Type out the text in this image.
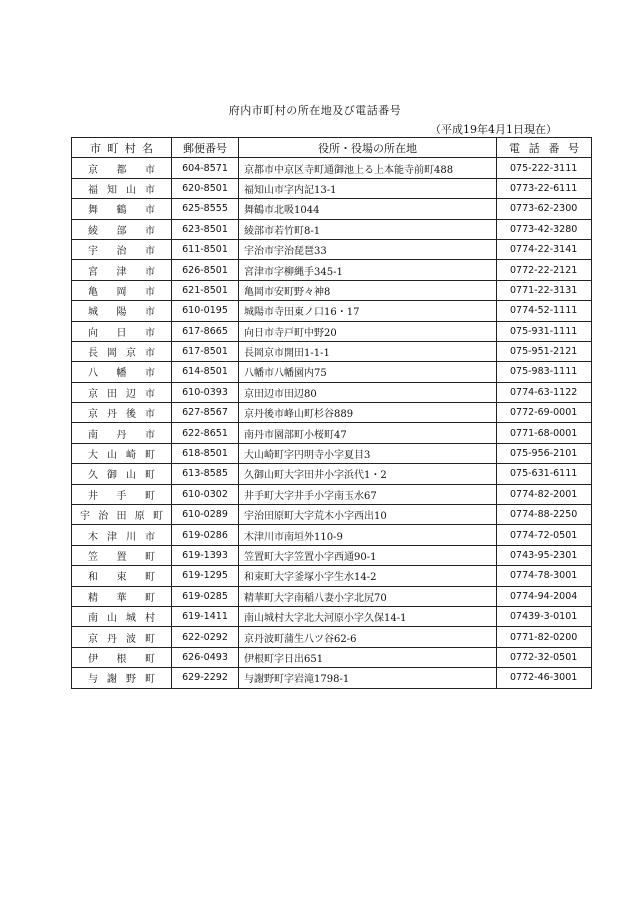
府内市町村の所在地及び電話番号
（平成19年4月1日現在）
市町村名	郵便番号	役所・役場の所在地	電話番号
京都市	604-8571	京都市中京区寺町通御池上る上本能寺前町488	075-222-3111
福知山市	620-8501	福知山市字内記13-1	0773-22-6111
舞鶴市	625-8555	舞鶴市北吸1044	0773-62-2300
綾部市	623-8501	綾部市若竹町8-1	0773-42-3280
宇治市	611-8501	宇治市宇治琵琶33	0774-22-3141
宮津市	626-8501	宮津市字柳縄手345-1	0772-22-2121
亀岡市	621-8501	亀岡市安町野々神8	0771-22-3131
城陽市	610-0195	城陽市寺田東ノ口16・17	0774-52-1111
向日市	617-8665	向日市寺戸町中野20	075-931-1111
長岡京市	617-8501	長岡京市開田1-1-1	075-951-2121
八幡市	614-8501	八幡市八幡園内75	075-983-1111
京田辺市	610-0393	京田辺市田辺80	0774-63-1122
京丹後市	627-8567	京丹後市峰山町杉谷889	0772-69-0001
南丹市	622-8651	南丹市園部町小桜町47	0771-68-0001
大山崎町	618-8501	大山崎町字円明寺小字夏目3	075-956-2101
久御山町	613-8585	久御山町大字田井小字浜代1・2	075-631-6111
井手町	610-0302	井手町大字井手小字南玉水67	0774-82-2001
宇治田原町	610-0289	宇治田原町大字荒木小字西出10	0774-88-2250
木津川市	619-0286	木津川市南垣外110-9	0774-72-0501
笠置町	619-1393	笠置町大字笠置小字西通90-1	0743-95-2301
和束町	619-1295	和束町大字釜塚小字生水14-2	0774-78-3001
精華町	619-0285	精華町大字南稲八妻小字北尻70	0774-94-2004
南山城村	619-1411	南山城村大字北大河原小字久保14-1	07439-3-0101
京丹波町	622-0292	京丹波町蒲生八ツ谷62-6	0771-82-0200
伊根町	626-0493	伊根町字日出651	0772-32-0501
与謝野町	629-2292	与謝野町字岩滝1798-1	0772-46-3001
